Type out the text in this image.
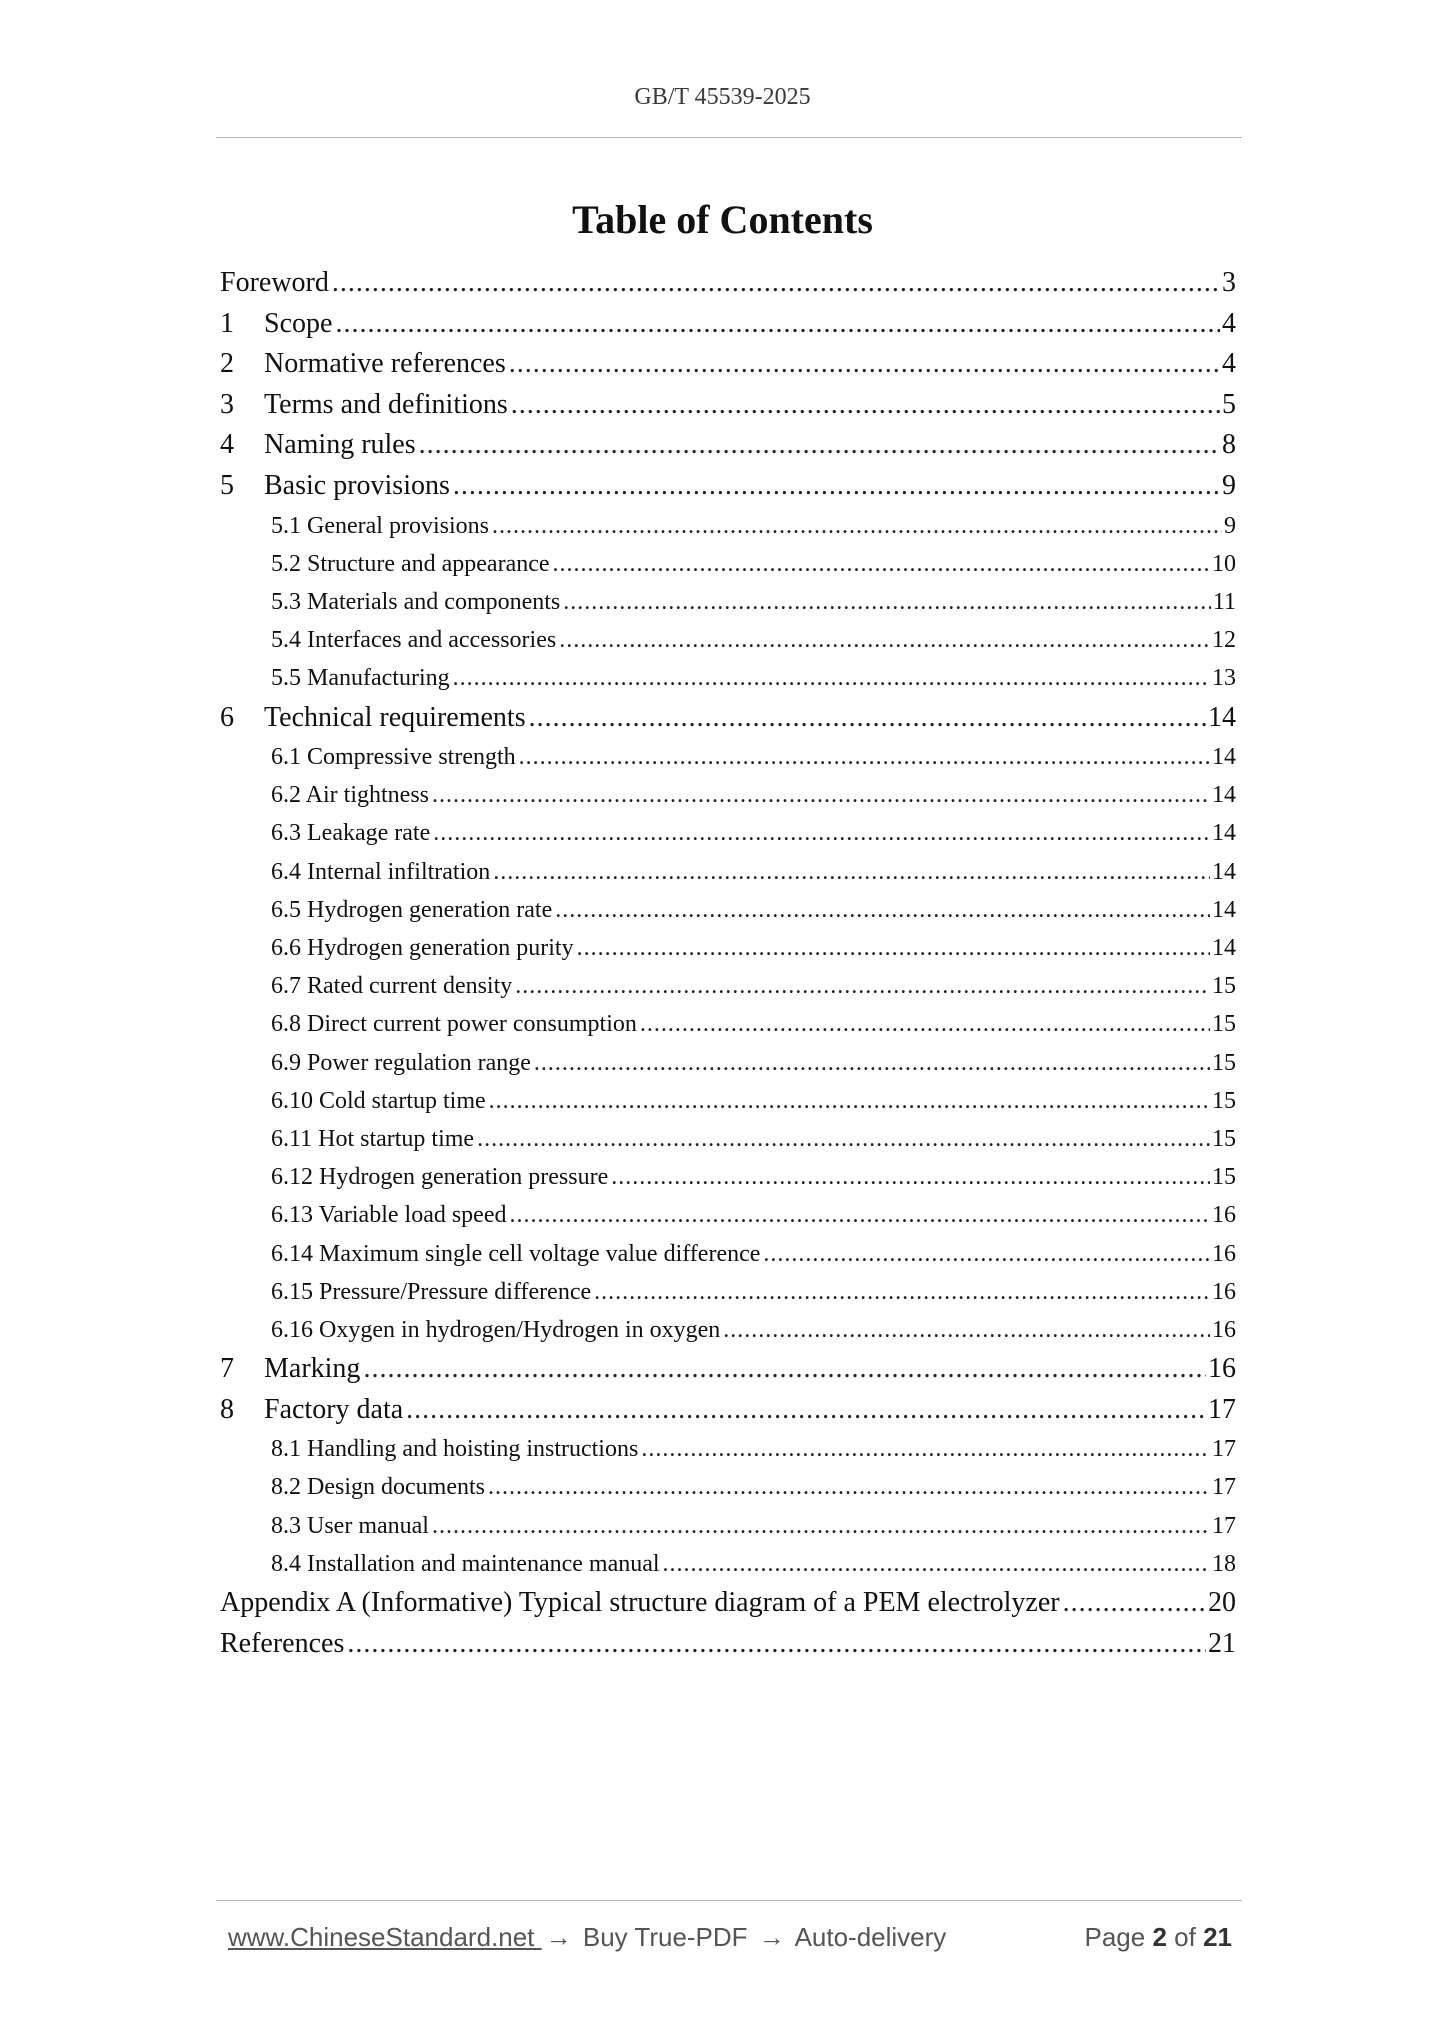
GB/T 45539-2025
Table of Contents
Foreword .....	3
1	Scope .....	4
2	Normative references .....	4
3	Terms and definitions .....	5
4	Naming rules .....	8
5	Basic provisions .....	9
5.1 General provisions .....	9
5.2 Structure and appearance .....	10
5.3 Materials and components .....	11
5.4 Interfaces and accessories .....	12
5.5 Manufacturing .....	13
6	Technical requirements .....	14
6.1 Compressive strength .....	14
6.2 Air tightness .....	14
6.3 Leakage rate .....	14
6.4 Internal infiltration .....	14
6.5 Hydrogen generation rate .....	14
6.6 Hydrogen generation purity .....	14
6.7 Rated current density .....	15
6.8 Direct current power consumption .....	15
6.9 Power regulation range .....	15
6.10 Cold startup time .....	15
6.11 Hot startup time .....	15
6.12 Hydrogen generation pressure .....	15
6.13 Variable load speed .....	16
6.14 Maximum single cell voltage value difference .....	16
6.15 Pressure/Pressure difference .....	16
6.16 Oxygen in hydrogen/Hydrogen in oxygen .....	16
7	Marking .....	16
8	Factory data .....	17
8.1 Handling and hoisting instructions .....	17
8.2 Design documents .....	17
8.3 User manual .....	17
8.4 Installation and maintenance manual .....	18
Appendix A (Informative) Typical structure diagram of a PEM electrolyzer .....	20
References .....	21
www.ChineseStandard.net → Buy True-PDF → Auto-delivery	Page 2 of 21
